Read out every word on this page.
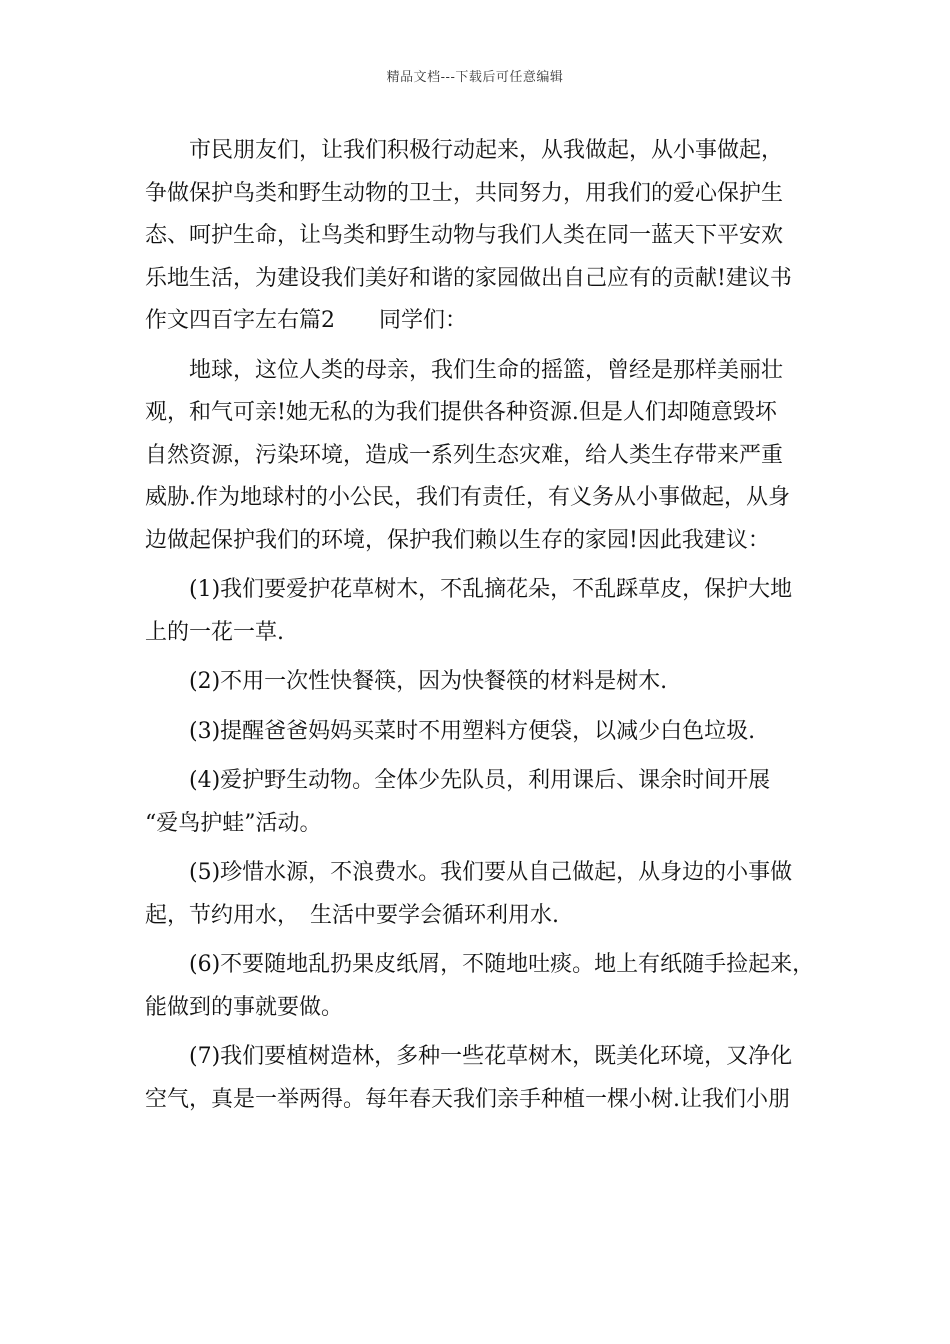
精品文档---下载后可任意编辑
　　市民朋友们，让我们积极行动起来，从我做起，从小事做起，
争做保护鸟类和野生动物的卫士，共同努力，用我们的爱心保护生
态、呵护生命，让鸟类和野生动物与我们人类在同一蓝天下平安欢
乐地生活，为建设我们美好和谐的家园做出自己应有的贡献!建议书
作文四百字左右篇2　　同学们：
　　地球，这位人类的母亲，我们生命的摇篮，曾经是那样美丽壮
观，和气可亲!她无私的为我们提供各种资源.但是人们却随意毁坏
自然资源，污染环境，造成一系列生态灾难，给人类生存带来严重
威胁.作为地球村的小公民，我们有责任，有义务从小事做起，从身
边做起保护我们的环境，保护我们赖以生存的家园!因此我建议：
　　(1)我们要爱护花草树木，不乱摘花朵，不乱踩草皮，保护大地
上的一花一草.
　　(2)不用一次性快餐筷，因为快餐筷的材料是树木.
　　(3)提醒爸爸妈妈买菜时不用塑料方便袋，以减少白色垃圾.
　　(4)爱护野生动物。全体少先队员，利用课后、课余时间开展
“爱鸟护蛙”活动。
　　(5)珍惜水源，不浪费水。我们要从自己做起，从身边的小事做
起，节约用水，　生活中要学会循环利用水.
　　(6)不要随地乱扔果皮纸屑，不随地吐痰。地上有纸随手捡起来，
能做到的事就要做。
　　(7)我们要植树造林，多种一些花草树木，既美化环境，又净化
空气，真是一举两得。每年春天我们亲手种植一棵小树.让我们小朋
